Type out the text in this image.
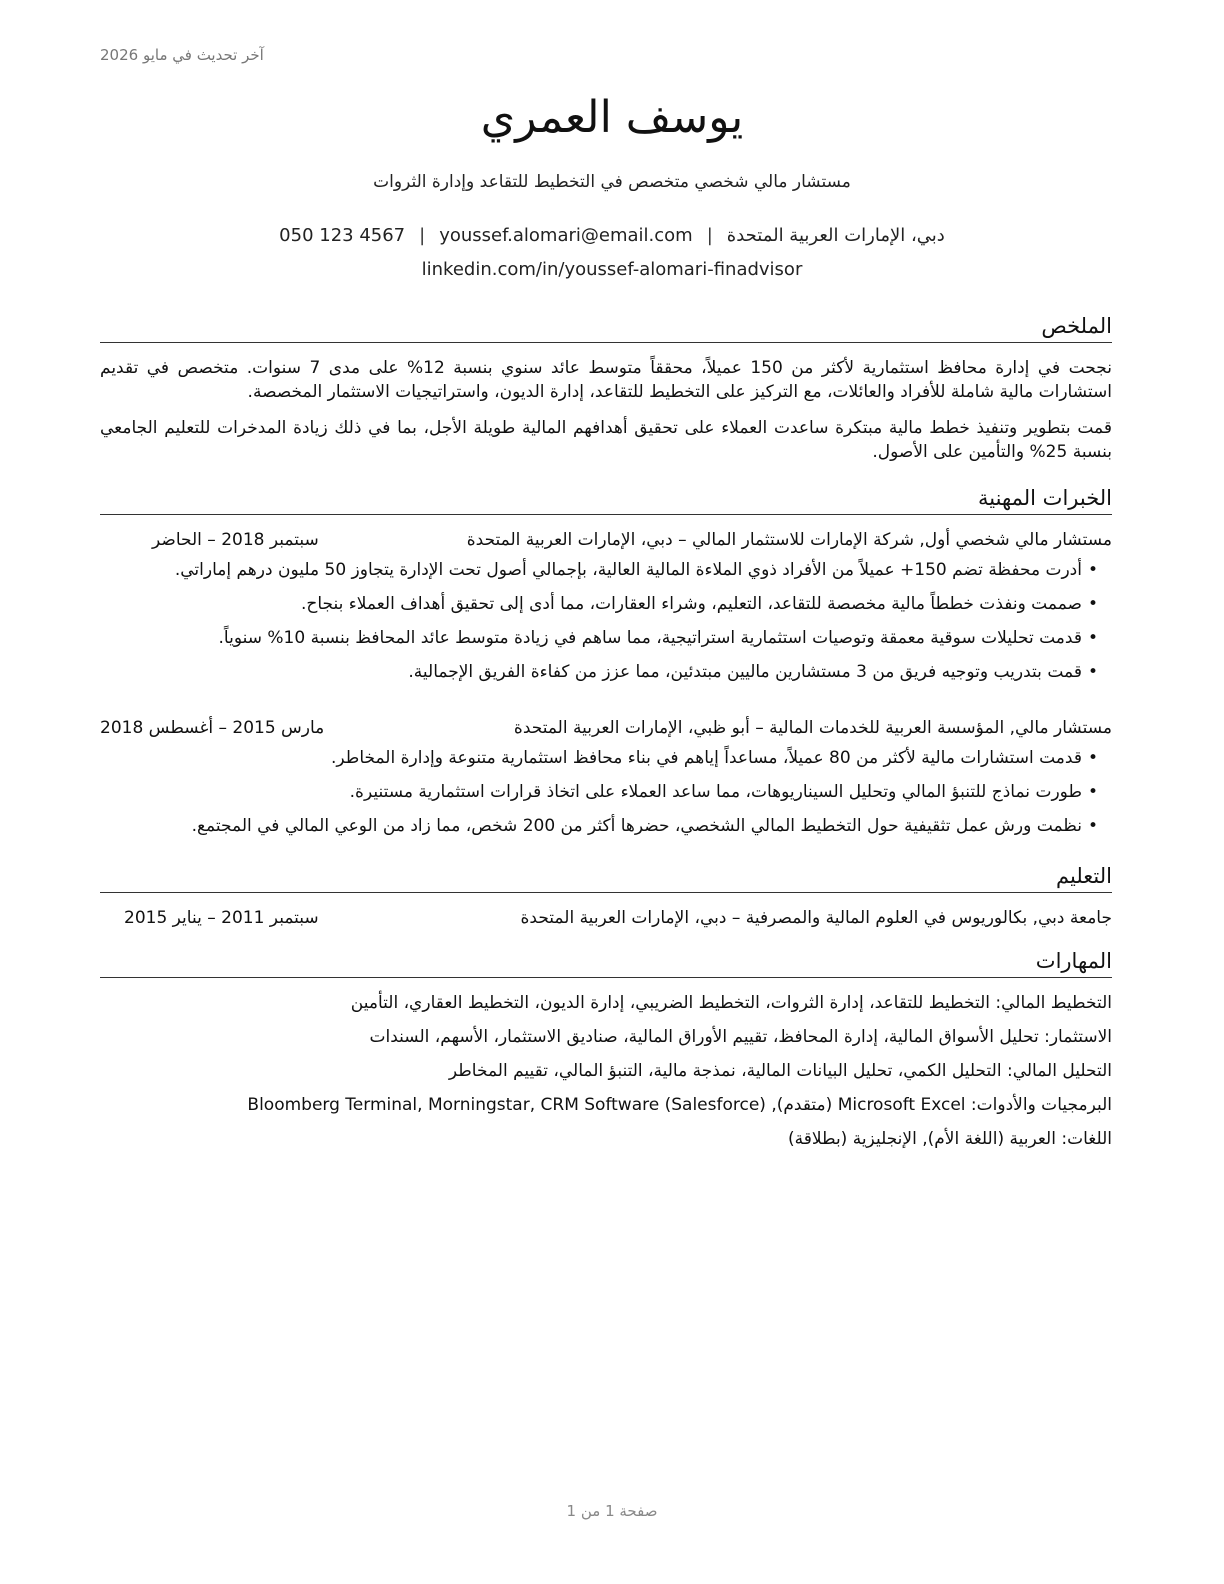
آخر تحديث في مايو 2026
يوسف العمري
مستشار مالي شخصي متخصص في التخطيط للتقاعد وإدارة الثروات
دبي، الإمارات العربية المتحدة|youssef.alomari@email.com|050 123 4567
linkedin.com/in/youssef-alomari-finadvisor
الملخص
نجحت في إدارة محافظ استثمارية لأكثر من 150 عميلاً، محققاً متوسط عائد سنوي بنسبة 12% على مدى 7 سنوات. متخصص في تقديم استشارات مالية شاملة للأفراد والعائلات، مع التركيز على التخطيط للتقاعد، إدارة الديون، واستراتيجيات الاستثمار المخصصة.
قمت بتطوير وتنفيذ خطط مالية مبتكرة ساعدت العملاء على تحقيق أهدافهم المالية طويلة الأجل، بما في ذلك زيادة المدخرات للتعليم الجامعي بنسبة 25% والتأمين على الأصول.
الخبرات المهنية
مستشار مالي شخصي أول, شركة الإمارات للاستثمار المالي – دبي، الإمارات العربية المتحدة
سبتمبر 2018 – الحاضر
•أدرت محفظة تضم 150+ عميلاً من الأفراد ذوي الملاءة المالية العالية، بإجمالي أصول تحت الإدارة يتجاوز 50 مليون درهم إماراتي.
•صممت ونفذت خططاً مالية مخصصة للتقاعد، التعليم، وشراء العقارات، مما أدى إلى تحقيق أهداف العملاء بنجاح.
•قدمت تحليلات سوقية معمقة وتوصيات استثمارية استراتيجية، مما ساهم في زيادة متوسط عائد المحافظ بنسبة 10% سنوياً.
•قمت بتدريب وتوجيه فريق من 3 مستشارين ماليين مبتدئين، مما عزز من كفاءة الفريق الإجمالية.
مستشار مالي, المؤسسة العربية للخدمات المالية – أبو ظبي، الإمارات العربية المتحدة
مارس 2015 – أغسطس 2018
•قدمت استشارات مالية لأكثر من 80 عميلاً، مساعداً إياهم في بناء محافظ استثمارية متنوعة وإدارة المخاطر.
•طورت نماذج للتنبؤ المالي وتحليل السيناريوهات، مما ساعد العملاء على اتخاذ قرارات استثمارية مستنيرة.
•نظمت ورش عمل تثقيفية حول التخطيط المالي الشخصي، حضرها أكثر من 200 شخص، مما زاد من الوعي المالي في المجتمع.
التعليم
جامعة دبي, بكالوريوس في العلوم المالية والمصرفية – دبي، الإمارات العربية المتحدة
سبتمبر 2011 – يناير 2015
المهارات
التخطيط المالي: التخطيط للتقاعد، إدارة الثروات، التخطيط الضريبي، إدارة الديون، التخطيط العقاري، التأمين
الاستثمار: تحليل الأسواق المالية، إدارة المحافظ، تقييم الأوراق المالية، صناديق الاستثمار، الأسهم، السندات
التحليل المالي: التحليل الكمي، تحليل البيانات المالية، نمذجة مالية، التنبؤ المالي، تقييم المخاطر
البرمجيات والأدوات: Microsoft Excel (متقدم), Bloomberg Terminal, Morningstar, CRM Software (Salesforce)
اللغات: العربية (اللغة الأم), الإنجليزية (بطلاقة)
صفحة 1 من 1
